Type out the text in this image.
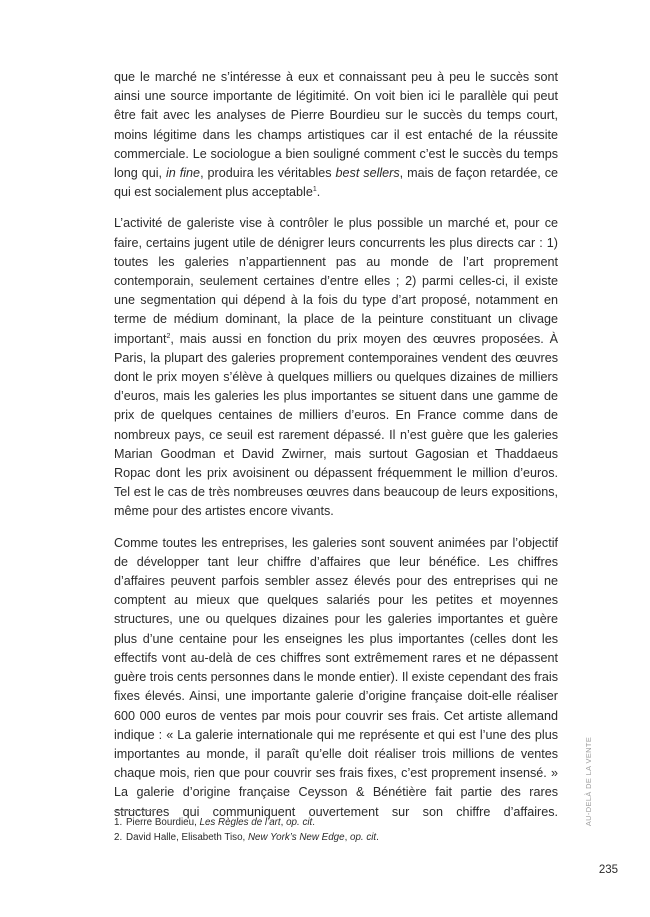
que le marché ne s’intéresse à eux et connaissant peu à peu le succès sont ainsi une source importante de légitimité. On voit bien ici le parallèle qui peut être fait avec les analyses de Pierre Bourdieu sur le succès du temps court, moins légitime dans les champs artistiques car il est entaché de la réussite commerciale. Le sociologue a bien souligné comment c’est le succès du temps long qui, in fine, produira les véritables best sellers, mais de façon retardée, ce qui est socialement plus acceptable$^1$.

L’activité de galeriste vise à contrôler le plus possible un marché et, pour ce faire, certains jugent utile de dénigrer leurs concurrents les plus directs car : 1) toutes les galeries n’appartiennent pas au monde de l’art proprement contemporain, seulement certaines d’entre elles ; 2) parmi celles-ci, il existe une segmentation qui dépend à la fois du type d’art proposé, notamment en terme de médium dominant, la place de la peinture constituant un clivage important$^2$, mais aussi en fonction du prix moyen des œuvres proposées. À Paris, la plupart des galeries proprement contemporaines vendent des œuvres dont le prix moyen s’élève à quelques milliers ou quelques dizaines de milliers d’euros, mais les galeries les plus importantes se situent dans une gamme de prix de quelques centaines de milliers d’euros. En France comme dans de nombreux pays, ce seuil est rarement dépassé. Il n’est guère que les galeries Marian Goodman et David Zwirner, mais surtout Gagosian et Thaddaeus Ropac dont les prix avoisinent ou dépassent fréquemment le million d’euros. Tel est le cas de très nombreuses œuvres dans beaucoup de leurs expositions, même pour des artistes encore vivants.

Comme toutes les entreprises, les galeries sont souvent animées par l’objectif de développer tant leur chiffre d’affaires que leur bénéfice. Les chiffres d’affaires peuvent parfois sembler assez élevés pour des entreprises qui ne comptent au mieux que quelques salariés pour les petites et moyennes structures, une ou quelques dizaines pour les galeries importantes et guère plus d’une centaine pour les enseignes les plus importantes (celles dont les effectifs vont au-delà de ces chiffres sont extrêmement rares et ne dépassent guère trois cents personnes dans le monde entier). Il existe cependant des frais fixes élevés. Ainsi, une importante galerie d’origine française doit-elle réaliser 600 000 euros de ventes par mois pour couvrir ses frais. Cet artiste allemand indique : « La galerie internationale qui me représente et qui est l’une des plus importantes au monde, il paraît qu’elle doit réaliser trois millions de ventes chaque mois, rien que pour couvrir ses frais fixes, c’est proprement insensé. » La galerie d’origine française Ceysson & Bénétière fait partie des rares structures qui communiquent ouvertement sur son chiffre d’affaires.

1. Pierre Bourdieu, Les Règles de l’art, op. cit.
2. David Halle, Elisabeth Tiso, New York’s New Edge, op. cit.
AU-DELÀ DE LA VENTE
235
